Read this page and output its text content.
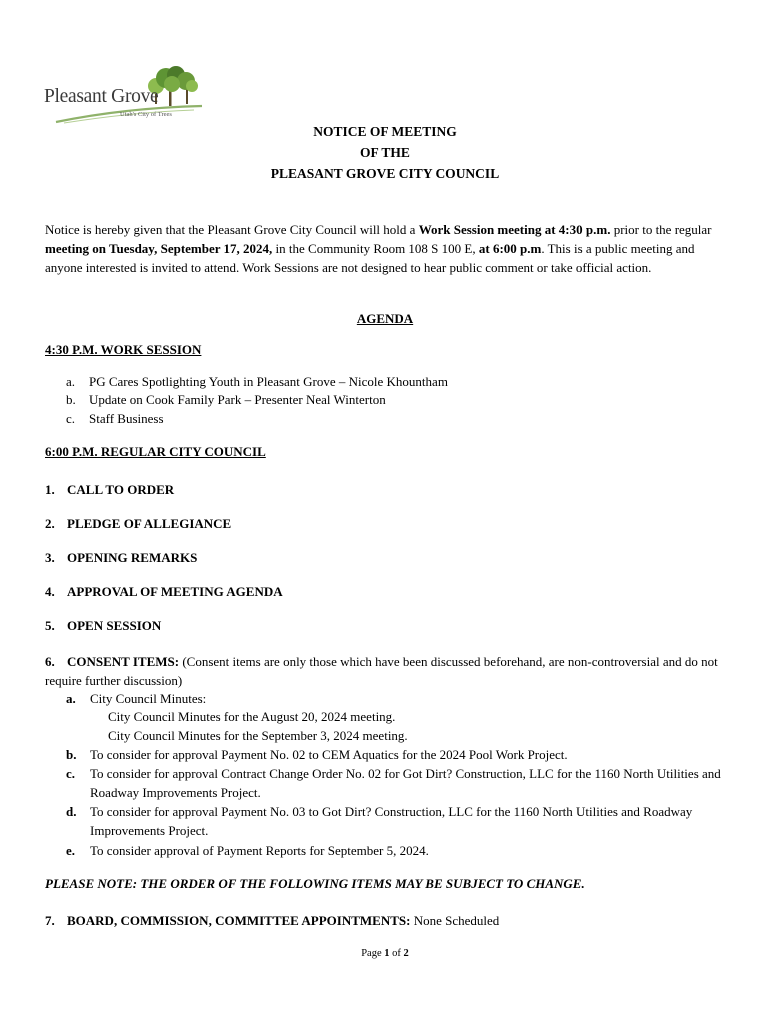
Pleasant Grove
Utah's City of Trees
NOTICE OF MEETING
OF THE
PLEASANT GROVE CITY COUNCIL
Notice is hereby given that the Pleasant Grove City Council will hold a Work Session meeting at 4:30 p.m. prior to the regular meeting on Tuesday, September 17, 2024, in the Community Room 108 S 100 E, at 6:00 p.m. This is a public meeting and anyone interested is invited to attend. Work Sessions are not designed to hear public comment or take official action.
AGENDA
4:30 P.M. WORK SESSION
a. PG Cares Spotlighting Youth in Pleasant Grove – Nicole Khountham
b. Update on Cook Family Park – Presenter Neal Winterton
c. Staff Business
6:00 P.M. REGULAR CITY COUNCIL
1. CALL TO ORDER
2. PLEDGE OF ALLEGIANCE
3. OPENING REMARKS
4. APPROVAL OF MEETING AGENDA
5. OPEN SESSION
6. CONSENT ITEMS: (Consent items are only those which have been discussed beforehand, are non-controversial and do not require further discussion)
a. City Council Minutes:
City Council Minutes for the August 20, 2024 meeting.
City Council Minutes for the September 3, 2024 meeting.
b. To consider for approval Payment No. 02 to CEM Aquatics for the 2024 Pool Work Project.
c. To consider for approval Contract Change Order No. 02 for Got Dirt? Construction, LLC for the 1160 North Utilities and Roadway Improvements Project.
d. To consider for approval Payment No. 03 to Got Dirt? Construction, LLC for the 1160 North Utilities and Roadway Improvements Project.
e. To consider approval of Payment Reports for September 5, 2024.
PLEASE NOTE: THE ORDER OF THE FOLLOWING ITEMS MAY BE SUBJECT TO CHANGE.
7. BOARD, COMMISSION, COMMITTEE APPOINTMENTS: None Scheduled
Page 1 of 2
